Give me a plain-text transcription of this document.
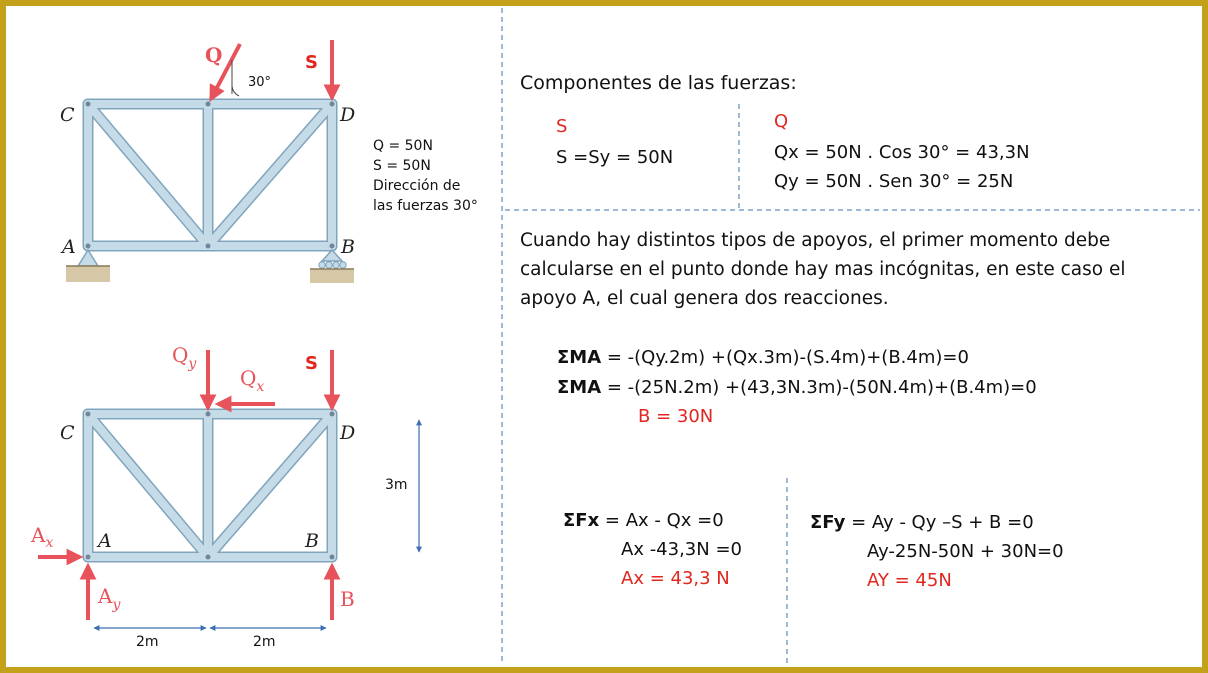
Q	S
30°
C	D
A	B
Q = 50N
S = 50N
Dirección de
las fuerzas 30°
$Q_y$
$Q_x$
S
C	D
A	B
$A_x$
$A_y$	B
3m
2m	2m
Componentes de las fuerzas:
S
S =Sy = 50N
Q
Qx = 50N . Cos 30° = 43,3N
Qy = 50N . Sen 30° = 25N
Cuando hay distintos tipos de apoyos, el primer momento debe
calcularse en el punto donde hay mas incógnitas, en este caso el
apoyo A, el cual genera dos reacciones.
ΣMA = -(Qy.2m) +(Qx.3m)-(S.4m)+(B.4m)=0
ΣMA = -(25N.2m) +(43,3N.3m)-(50N.4m)+(B.4m)=0
B = 30N
ΣFx = Ax - Qx =0
Ax -43,3N =0
Ax = 43,3 N
ΣFy = Ay - Qy –S + B =0
Ay-25N-50N + 30N=0
AY = 45N
